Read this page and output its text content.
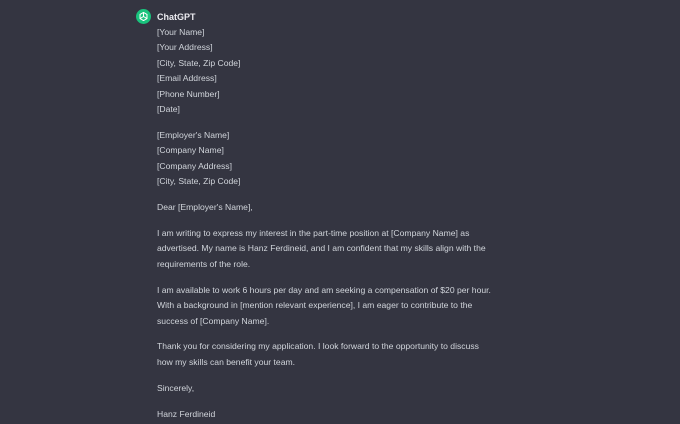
ChatGPT
[Your Name]
[Your Address]
[City, State, Zip Code]
[Email Address]
[Phone Number]
[Date]
[Employer's Name]
[Company Name]
[Company Address]
[City, State, Zip Code]
Dear [Employer's Name],
I am writing to express my interest in the part-time position at [Company Name] as
advertised. My name is Hanz Ferdineid, and I am confident that my skills align with the
requirements of the role.
I am available to work 6 hours per day and am seeking a compensation of $20 per hour.
With a background in [mention relevant experience], I am eager to contribute to the
success of [Company Name].
Thank you for considering my application. I look forward to the opportunity to discuss
how my skills can benefit your team.
Sincerely,
Hanz Ferdineid
